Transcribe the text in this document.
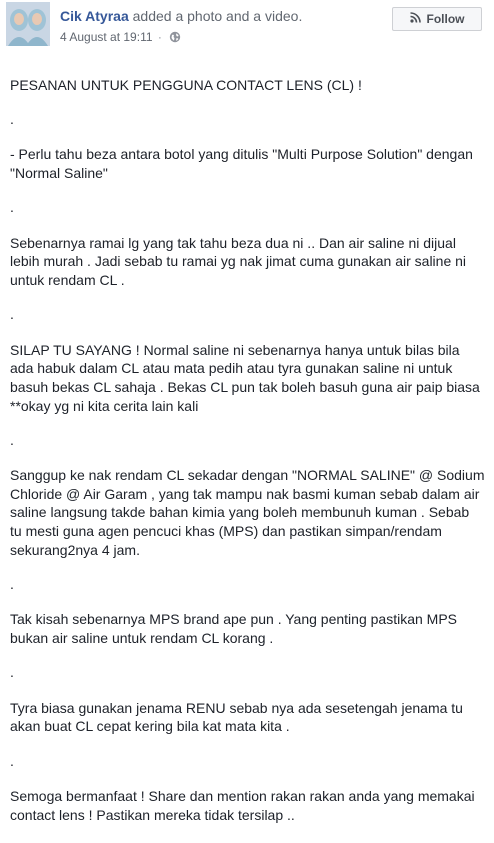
Cik Atyraa added a photo and a video.
4 August at 19:11 ·
Follow

PESANAN UNTUK PENGGUNA CONTACT LENS (CL) !

.

- Perlu tahu beza antara botol yang ditulis "Multi Purpose Solution" dengan
"Normal Saline"

.

Sebenarnya ramai lg yang tak tahu beza dua ni .. Dan air saline ni dijual
lebih murah . Jadi sebab tu ramai yg nak jimat cuma gunakan air saline ni
untuk rendam CL .

.

SILAP TU SAYANG ! Normal saline ni sebenarnya hanya untuk bilas bila
ada habuk dalam CL atau mata pedih atau tyra gunakan saline ni untuk
basuh bekas CL sahaja . Bekas CL pun tak boleh basuh guna air paip biasa
**okay yg ni kita cerita lain kali

.

Sanggup ke nak rendam CL sekadar dengan "NORMAL SALINE" @ Sodium
Chloride @ Air Garam , yang tak mampu nak basmi kuman sebab dalam air
saline langsung takde bahan kimia yang boleh membunuh kuman . Sebab
tu mesti guna agen pencuci khas (MPS) dan pastikan simpan/rendam
sekurang2nya 4 jam.

.

Tak kisah sebenarnya MPS brand ape pun . Yang penting pastikan MPS
bukan air saline untuk rendam CL korang .

.

Tyra biasa gunakan jenama RENU sebab nya ada sesetengah jenama tu
akan buat CL cepat kering bila kat mata kita .

.

Semoga bermanfaat ! Share dan mention rakan rakan anda yang memakai
contact lens ! Pastikan mereka tidak tersilap ..
